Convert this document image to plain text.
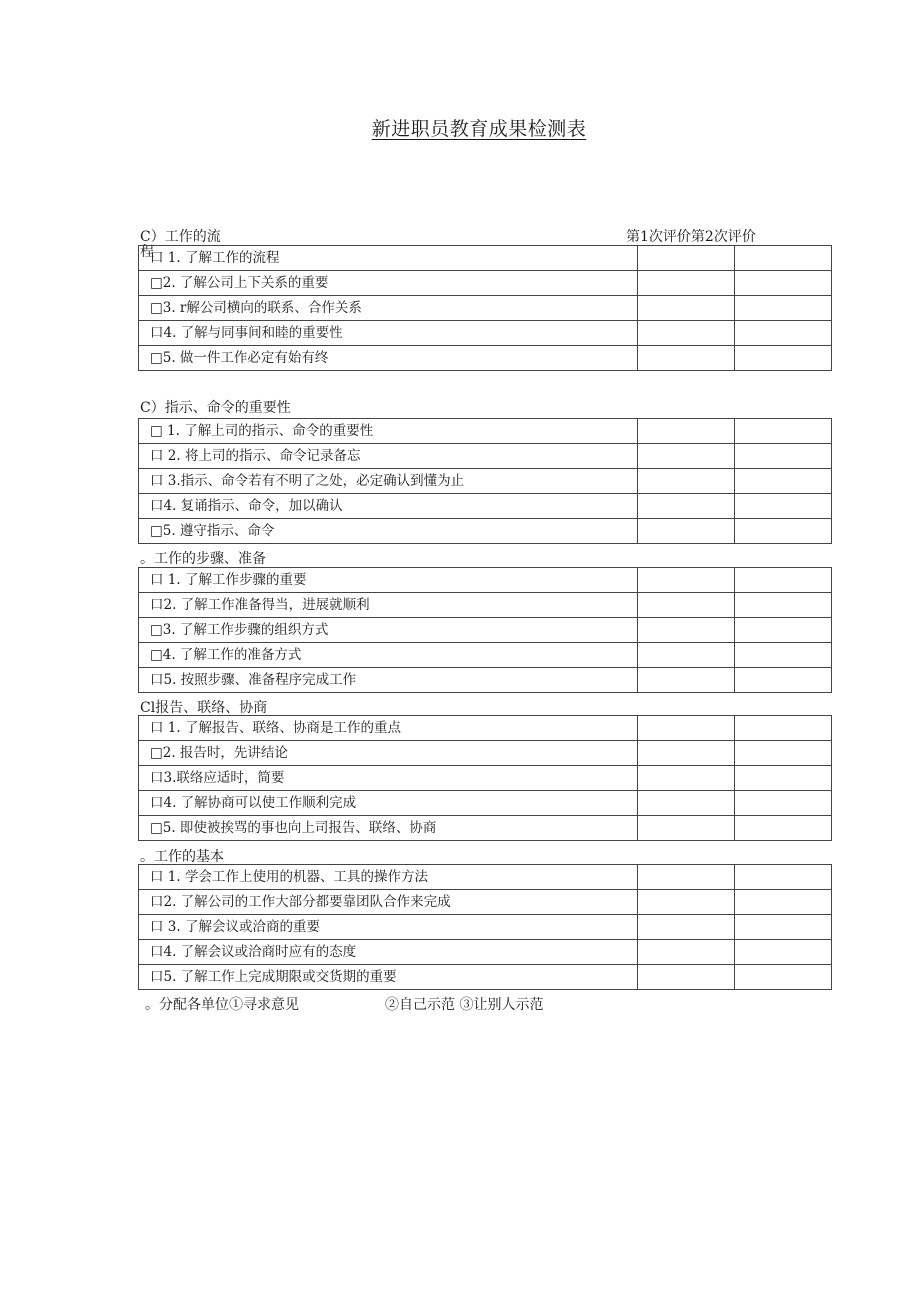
新进职员教育成果检测表
第1次评价第2次评价
C）工作的流
程
口 1. 了解工作的流程		
□2. 了解公司上下关系的重要		
□3. r解公司横向的联系、合作关系		
口4. 了解与同事间和睦的重要性		
□5. 做一件工作必定有始有终		
C）指示、命令的重要性
□ 1. 了解上司的指示、命令的重要性		
口 2. 将上司的指示、命令记录备忘		
口 3.指示、命令若有不明了之处，必定确认到懂为止		
口4. 复诵指示、命令，加以确认		
□5. 遵守指示、命令		
。工作的步骤、准备
口 1. 了解工作步骤的重要		
口2. 了解工作准备得当，进展就顺利		
□3. 了解工作步骤的组织方式		
□4. 了解工作的准备方式		
口5. 按照步骤、准备程序完成工作		
Cl报告、联络、协商
口 1. 了解报告、联络、协商是工作的重点		
□2. 报告时，先讲结论		
口3.联络应适时，简要		
口4. 了解协商可以使工作顺利完成		
□5. 即使被挨骂的事也向上司报告、联络、协商		
。工作的基本
口 1. 学会工作上使用的机器、工具的操作方法		
口2. 了解公司的工作大部分都要靠团队合作来完成		
口 3. 了解会议或洽商的重要		
口4. 了解会议或洽商时应有的态度		
口5. 了解工作上完成期限或交货期的重要		
。分配各单位①寻求意见	②自己示范 ③让别人示范
